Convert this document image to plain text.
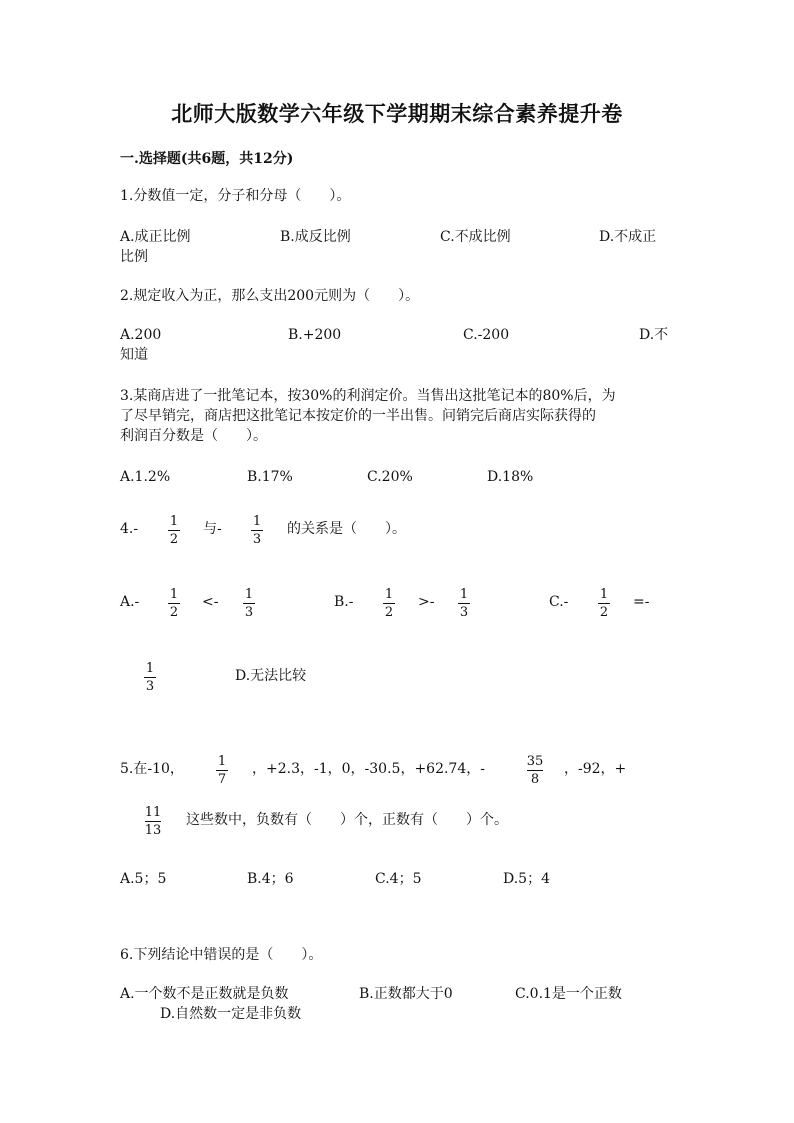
北师大版数学六年级下学期期末综合素养提升卷
一.选择题(共6题，共12分)
1.分数值一定，分子和分母（　　）。
A.成正比例	B.成反比例	C.不成比例	D.不成正
比例
2.规定收入为正，那么支出200元则为（　　）。
A.200	B.+200	C.-200	D.不
知道
3.某商店进了一批笔记本，按30%的利润定价。当售出这批笔记本的80%后，为
了尽早销完，商店把这批笔记本按定价的一半出售。问销完后商店实际获得的
利润百分数是（　　）。
A.1.2%	B.17%	C.20%	D.18%
4.- 1
2
与- 1
3
的关系是（　　）。
A.- 1
2
<- 1
3
B.- 1
2
>- 1
3
C.- 1
2
=-
1
3
D.无法比较
5.在-10，	1
7
，+2.3，-1，0，-30.5，+62.74，-	35
8
，-92，+
11
13
这些数中，负数有（　　）个，正数有（　　）个。
A.5；5	B.4；6	C.4；5	D.5；4
6.下列结论中错误的是（　　）。
A.一个数不是正数就是负数	B.正数都大于0	C.0.1是一个正数
D.自然数一定是非负数
